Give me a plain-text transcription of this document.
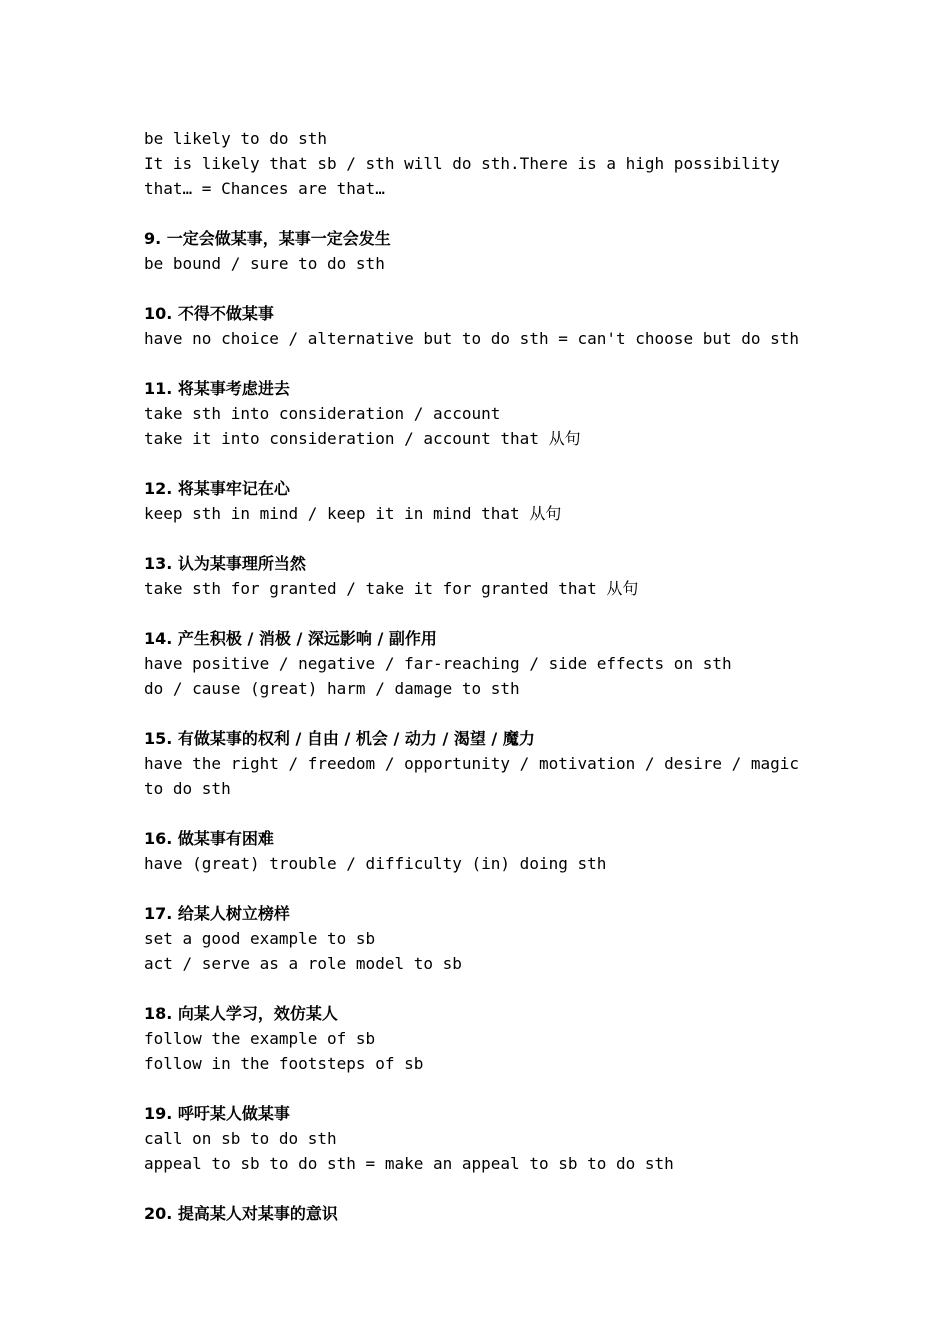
be likely to do sth
It is likely that sb / sth will do sth.There is a high possibility
that… = Chances are that…
9. 一定会做某事，某事一定会发生
be bound / sure to do sth
10. 不得不做某事
have no choice / alternative but to do sth = can't choose but do sth
11. 将某事考虑进去
take sth into consideration / account
take it into consideration / account that 从句
12. 将某事牢记在心
keep sth in mind / keep it in mind that 从句
13. 认为某事理所当然
take sth for granted / take it for granted that 从句
14. 产生积极 / 消极 / 深远影响 / 副作用
have positive / negative / far-reaching / side effects on sth
do / cause (great) harm / damage to sth
15. 有做某事的权利 / 自由 / 机会 / 动力 / 渴望 / 魔力
have the right / freedom / opportunity / motivation / desire / magic
to do sth
16. 做某事有困难
have (great) trouble / difficulty (in) doing sth
17. 给某人树立榜样
set a good example to sb
act / serve as a role model to sb
18. 向某人学习，效仿某人
follow the example of sb
follow in the footsteps of sb
19. 呼吁某人做某事
call on sb to do sth
appeal to sb to do sth = make an appeal to sb to do sth
20. 提高某人对某事的意识
